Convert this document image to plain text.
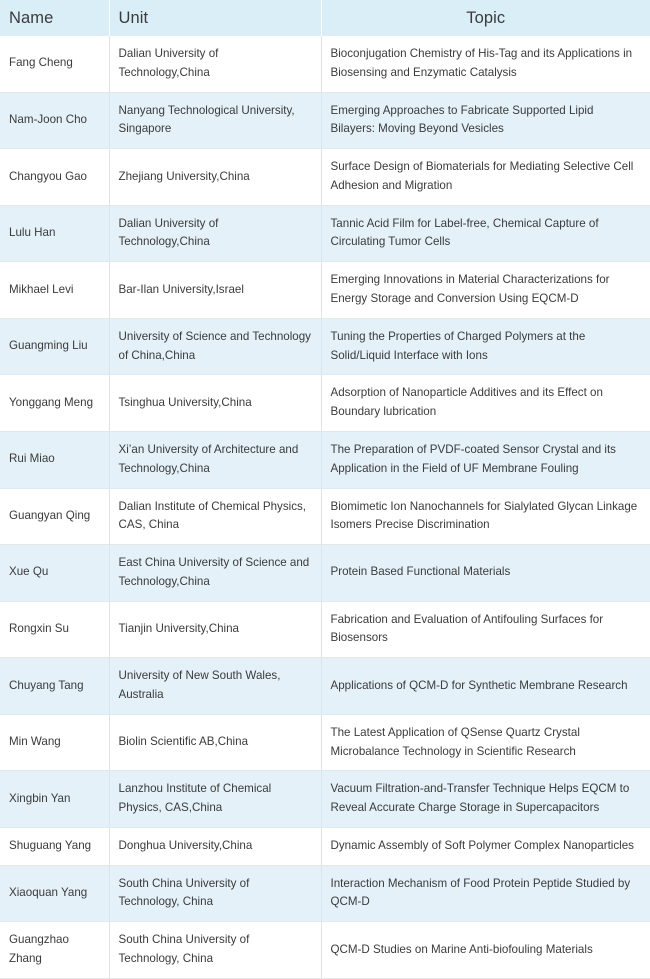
Name	Unit	Topic
Fang Cheng	Dalian University of Technology,China	Bioconjugation Chemistry of His-Tag and its Applications in Biosensing and Enzymatic Catalysis
Nam-Joon Cho	Nanyang Technological University, Singapore	Emerging Approaches to Fabricate Supported Lipid Bilayers: Moving Beyond Vesicles
Changyou Gao	Zhejiang University,China	Surface Design of Biomaterials for Mediating Selective Cell Adhesion and Migration
Lulu Han	Dalian University of Technology,China	Tannic Acid Film for Label-free, Chemical Capture of Circulating Tumor Cells
Mikhael Levi	Bar-Ilan University,Israel	Emerging Innovations in Material Characterizations for Energy Storage and Conversion Using EQCM-D
Guangming Liu	University of Science and Technology of China,China	Tuning the Properties of Charged Polymers at the Solid/Liquid Interface with Ions
Yonggang Meng	Tsinghua University,China	Adsorption of Nanoparticle Additives and its Effect on Boundary lubrication
Rui Miao	Xi’an University of Architecture and Technology,China	The Preparation of PVDF-coated Sensor Crystal and its Application in the Field of UF Membrane Fouling
Guangyan Qing	Dalian Institute of Chemical Physics, CAS, China	Biomimetic Ion Nanochannels for Sialylated Glycan Linkage Isomers Precise Discrimination
Xue Qu	East China University of Science and Technology,China	Protein Based Functional Materials
Rongxin Su	Tianjin University,China	Fabrication and Evaluation of Antifouling Surfaces for Biosensors
Chuyang Tang	University of New South Wales, Australia	Applications of QCM-D for Synthetic Membrane Research
Min Wang	Biolin Scientific AB,China	The Latest Application of QSense Quartz Crystal Microbalance Technology in Scientific Research
Xingbin Yan	Lanzhou Institute of Chemical Physics, CAS,China	Vacuum Filtration-and-Transfer Technique Helps EQCM to Reveal Accurate Charge Storage in Supercapacitors
Shuguang Yang	Donghua University,China	Dynamic Assembly of Soft Polymer Complex Nanoparticles
Xiaoquan Yang	South China University of Technology, China	Interaction Mechanism of Food Protein Peptide Studied by QCM-D
Guangzhao Zhang	South China University of Technology, China	QCM-D Studies on Marine Anti-biofouling Materials
